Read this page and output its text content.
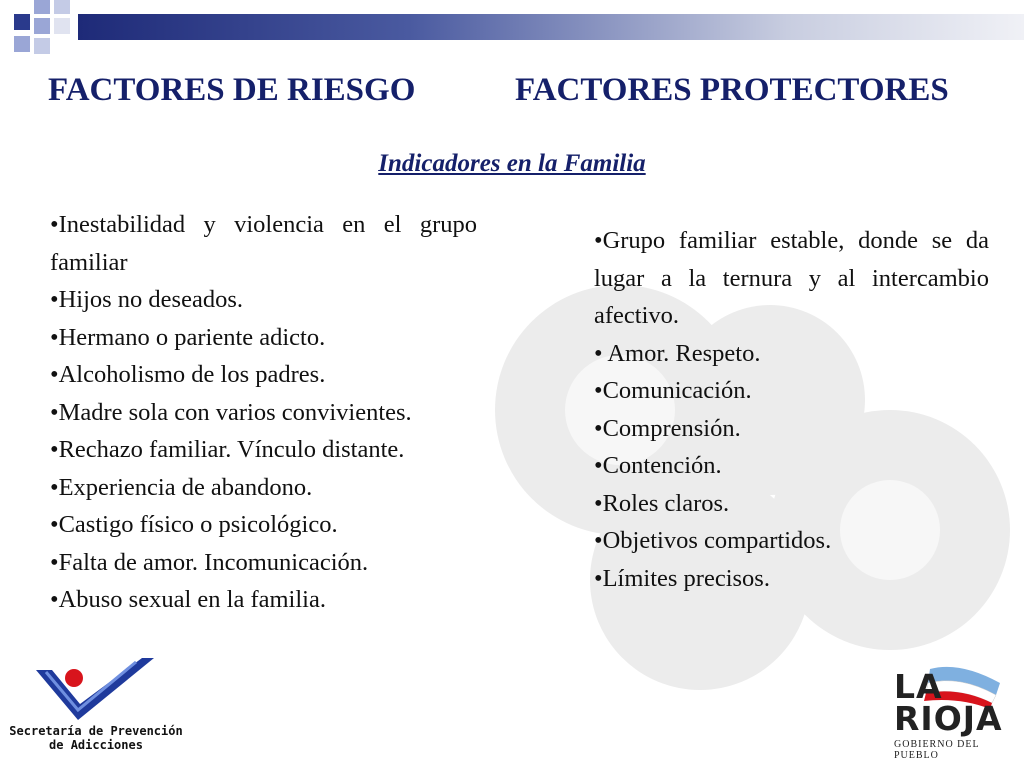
FACTORES DE RIESGO	FACTORES PROTECTORES
Indicadores en la Familia

•Inestabilidad y violencia en el grupo familiar

•Hijos no deseados.

•Hermano o pariente adicto.

•Alcoholismo de los padres.

•Madre sola con varios convivientes.

•Rechazo familiar. Vínculo distante.

•Experiencia de abandono.

•Castigo físico o psicológico.

•Falta de amor. Incomunicación.

•Abuso sexual en la familia.

•Grupo familiar estable, donde se da lugar a la ternura y al intercambio afectivo.

• Amor. Respeto.

•Comunicación.

•Comprensión.

•Contención.

•Roles claros.

•Objetivos compartidos.

•Límites precisos.

Secretaría de Prevención
de Adicciones
LA
RIOJA
GOBIERNO DEL PUEBLO
